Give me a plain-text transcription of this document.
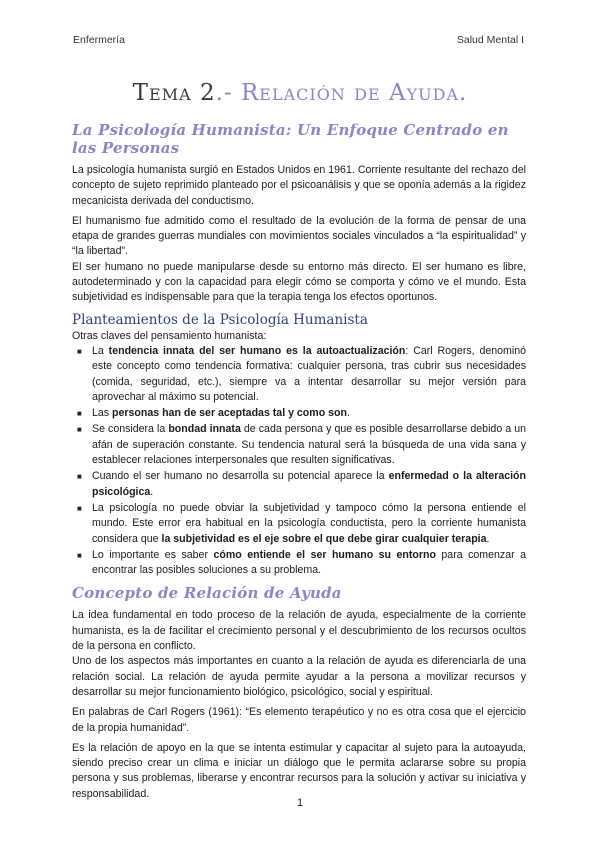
Enfermería	Salud Mental I
Tema 2.- Relación de Ayuda.
La Psicología Humanista: Un Enfoque Centrado en las Personas

La psicología humanista surgió en Estados Unidos en 1961. Corriente resultante del rechazo del concepto de sujeto reprimido planteado por el psicoanálisis y que se oponía además a la rigidez mecanicista derivada del conductismo.

El humanismo fue admitido como el resultado de la evolución de la forma de pensar de una etapa de grandes guerras mundiales con movimientos sociales vinculados a “la espiritualidad” y “la libertad”.

El ser humano no puede manipularse desde su entorno más directo. El ser humano es libre, autodeterminado y con la capacidad para elegir cómo se comporta y cómo ve el mundo. Esta subjetividad es indispensable para que la terapia tenga los efectos oportunos.

Planteamientos de la Psicología Humanista

Otras claves del pensamiento humanista:

■ La tendencia innata del ser humano es la autoactualización: Carl Rogers, denominó este concepto como tendencia formativa: cualquier persona, tras cubrir sus necesidades (comida, seguridad, etc.), siempre va a intentar desarrollar su mejor versión para aprovechar al máximo su potencial.
■ Las personas han de ser aceptadas tal y como son.
■ Se considera la bondad innata de cada persona y que es posible desarrollarse debido a un afán de superación constante. Su tendencia natural será la búsqueda de una vida sana y establecer relaciones interpersonales que resulten significativas.
■ Cuando el ser humano no desarrolla su potencial aparece la enfermedad o la alteración psicológica.
■ La psicología no puede obviar la subjetividad y tampoco cómo la persona entiende el mundo. Este error era habitual en la psicología conductista, pero la corriente humanista considera que la subjetividad es el eje sobre el que debe girar cualquier terapia.
■ Lo importante es saber cómo entiende el ser humano su entorno para comenzar a encontrar las posibles soluciones a su problema.
Concepto de Relación de Ayuda

La idea fundamental en todo proceso de la relación de ayuda, especialmente de la corriente humanista, es la de facilitar el crecimiento personal y el descubrimiento de los recursos ocultos de la persona en conflicto.

Uno de los aspectos más importantes en cuanto a la relación de ayuda es diferenciarla de una relación social. La relación de ayuda permite ayudar a la persona a movilizar recursos y desarrollar su mejor funcionamiento biológico, psicológico, social y espiritual.

En palabras de Carl Rogers (1961): “Es elemento terapéutico y no es otra cosa que el ejercicio de la propia humanidad”.

Es la relación de apoyo en la que se intenta estimular y capacitar al sujeto para la autoayuda, siendo preciso crear un clima e iniciar un diálogo que le permita aclararse sobre su propia persona y sus problemas, liberarse y encontrar recursos para la solución y activar su iniciativa y responsabilidad.

1
